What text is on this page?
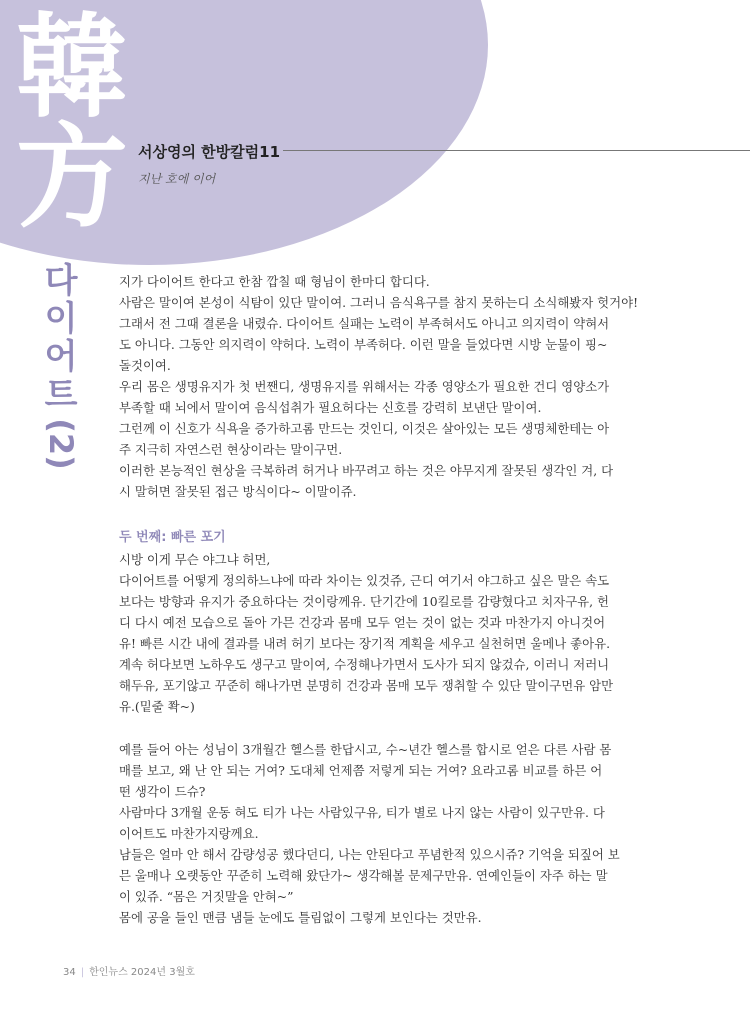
韓
方 서상영의 한방칼럼11
지난 호에 이어
다
이
어
트
(2)

지가 다이어트 한다고 한참 깝칠 때 형님이 한마디 합디다.

사람은 말이여 본성이 식탐이 있단 말이여. 그러니 음식욕구를 참지 못하는디 소식해봤자 헛거야!

그래서 전 그때 결론을 내렸슈. 다이어트 실패는 노력이 부족혀서도 아니고 의지력이 약혀서

도 아니다. 그동안 의지력이 약허다. 노력이 부족허다. 이런 말을 들었다면 시방 눈물이 핑~

돌것이여.

우리 몸은 생명유지가 첫 번짼디, 생명유지를 위해서는 각종 영양소가 필요한 건디 영양소가

부족할 때 뇌에서 말이여 음식섭취가 필요허다는 신호를 강력히 보낸단 말이여.

그런께 이 신호가 식욕을 증가하고롬 만드는 것인디, 이것은 살아있는 모든 생명체한테는 아

주 지극히 자연스런 현상이라는 말이구먼.

이러한 본능적인 현상을 극복하려 허거나 바꾸려고 하는 것은 야무지게 잘못된 생각인 겨, 다

시 말허면 잘못된 접근 방식이다~ 이말이쥬.

두 번째: 빠른 포기

시방 이게 무슨 야그냐 허먼,

다이어트를 어떻게 정의하느냐에 따라 차이는 있것쥬, 근디 여기서 야그하고 싶은 말은 속도

보다는 방향과 유지가 중요하다는 것이랑께유. 단기간에 10킬로를 감량혔다고 치자구유, 헌

디 다시 예전 모습으로 돌아 가믄 건강과 몸매 모두 얻는 것이 없는 것과 마찬가지 아니것어

유! 빠른 시간 내에 결과를 내려 허기 보다는 장기적 계획을 세우고 실천허면 울메나 좋아유.

계속 허다보면 노하우도 생구고 말이여, 수정해나가면서 도사가 되지 않겄슈, 이러니 저러니

해두유, 포기않고 꾸준히 해나가면 분명히 건강과 몸매 모두 쟁취할 수 있단 말이구먼유 암만

유.(밑줄 쫙~)

예를 들어 아는 성님이 3개월간 헬스를 한답시고, 수~년간 헬스를 합시로 얻은 다른 사람 몸

매를 보고, 왜 난 안 되는 거여? 도대체 언제쯤 저렇게 되는 거여? 요라고롬 비교를 하믄 어

떤 생각이 드슈?

사람마다 3개월 운동 혀도 티가 나는 사람있구유, 티가 별로 나지 않는 사람이 있구만유. 다

이어트도 마찬가지랑께요.

남들은 얼마 안 해서 감량성공 했다던디, 나는 안된다고 푸념한적 있으시쥬? 기억을 되짚어 보

믄 울매나 오랫동안 꾸준히 노력해 왔단가~ 생각해볼 문제구만유. 연예인들이 자주 하는 말

이 있쥬. “몸은 거짓말을 안혀~”

몸에 공을 들인 맨큼 냄들 눈에도 틀림없이 그렇게 보인다는 것만유.

34 | 한인뉴스 2024년 3월호
